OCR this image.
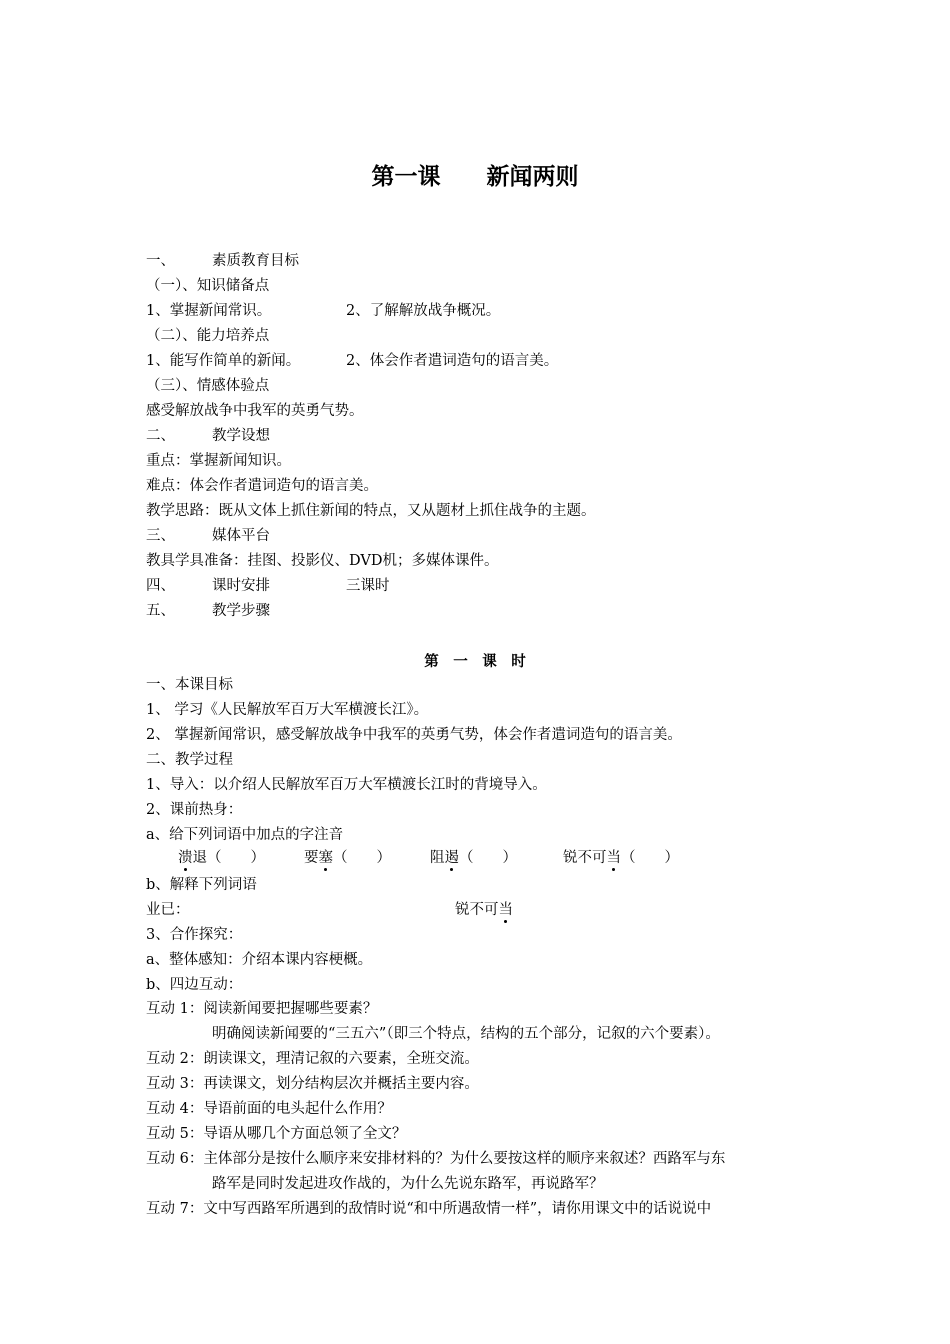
第一课　　新闻两则
一、	素质教育目标
（一）、知识储备点
1、掌握新闻常识。	2、了解解放战争概况。
（二）、能力培养点
1、能写作简单的新闻。	2、体会作者遣词造句的语言美。
（三）、情感体验点
感受解放战争中我军的英勇气势。
二、	教学设想
重点：掌握新闻知识。
难点：体会作者遣词造句的语言美。
教学思路：既从文体上抓住新闻的特点，又从题材上抓住战争的主题。
三、	媒体平台
教具学具准备：挂图、投影仪、DVD机；多媒体课件。
四、	课时安排	三课时
五、	教学步骤
第　一　课　时
一、本课目标
1、 学习《人民解放军百万大军横渡长江》。
2、 掌握新闻常识，感受解放战争中我军的英勇气势，体会作者遣词造句的语言美。
二、教学过程
1、导入：以介绍人民解放军百万大军横渡长江时的背境导入。
2、课前热身：
a、给下列词语中加点的字注音
溃退（　　）	要塞（　　）	阻遏（　　）	锐不可当（　　）
b、解释下列词语
业已：	锐不可当
3、合作探究：
a、整体感知：介绍本课内容梗概。
b、四边互动：
互动 1：阅读新闻要把握哪些要素？
明确阅读新闻要的“三五六”（即三个特点，结构的五个部分，记叙的六个要素）。
互动 2：朗读课文，理清记叙的六要素，全班交流。
互动 3：再读课文，划分结构层次并概括主要内容。
互动 4：导语前面的电头起什么作用？
互动 5：导语从哪几个方面总领了全文？
互动 6：主体部分是按什么顺序来安排材料的？为什么要按这样的顺序来叙述？西路军与东
路军是同时发起进攻作战的，为什么先说东路军，再说路军？
互动 7：文中写西路军所遇到的敌情时说“和中所遇敌情一样”，请你用课文中的话说说中
